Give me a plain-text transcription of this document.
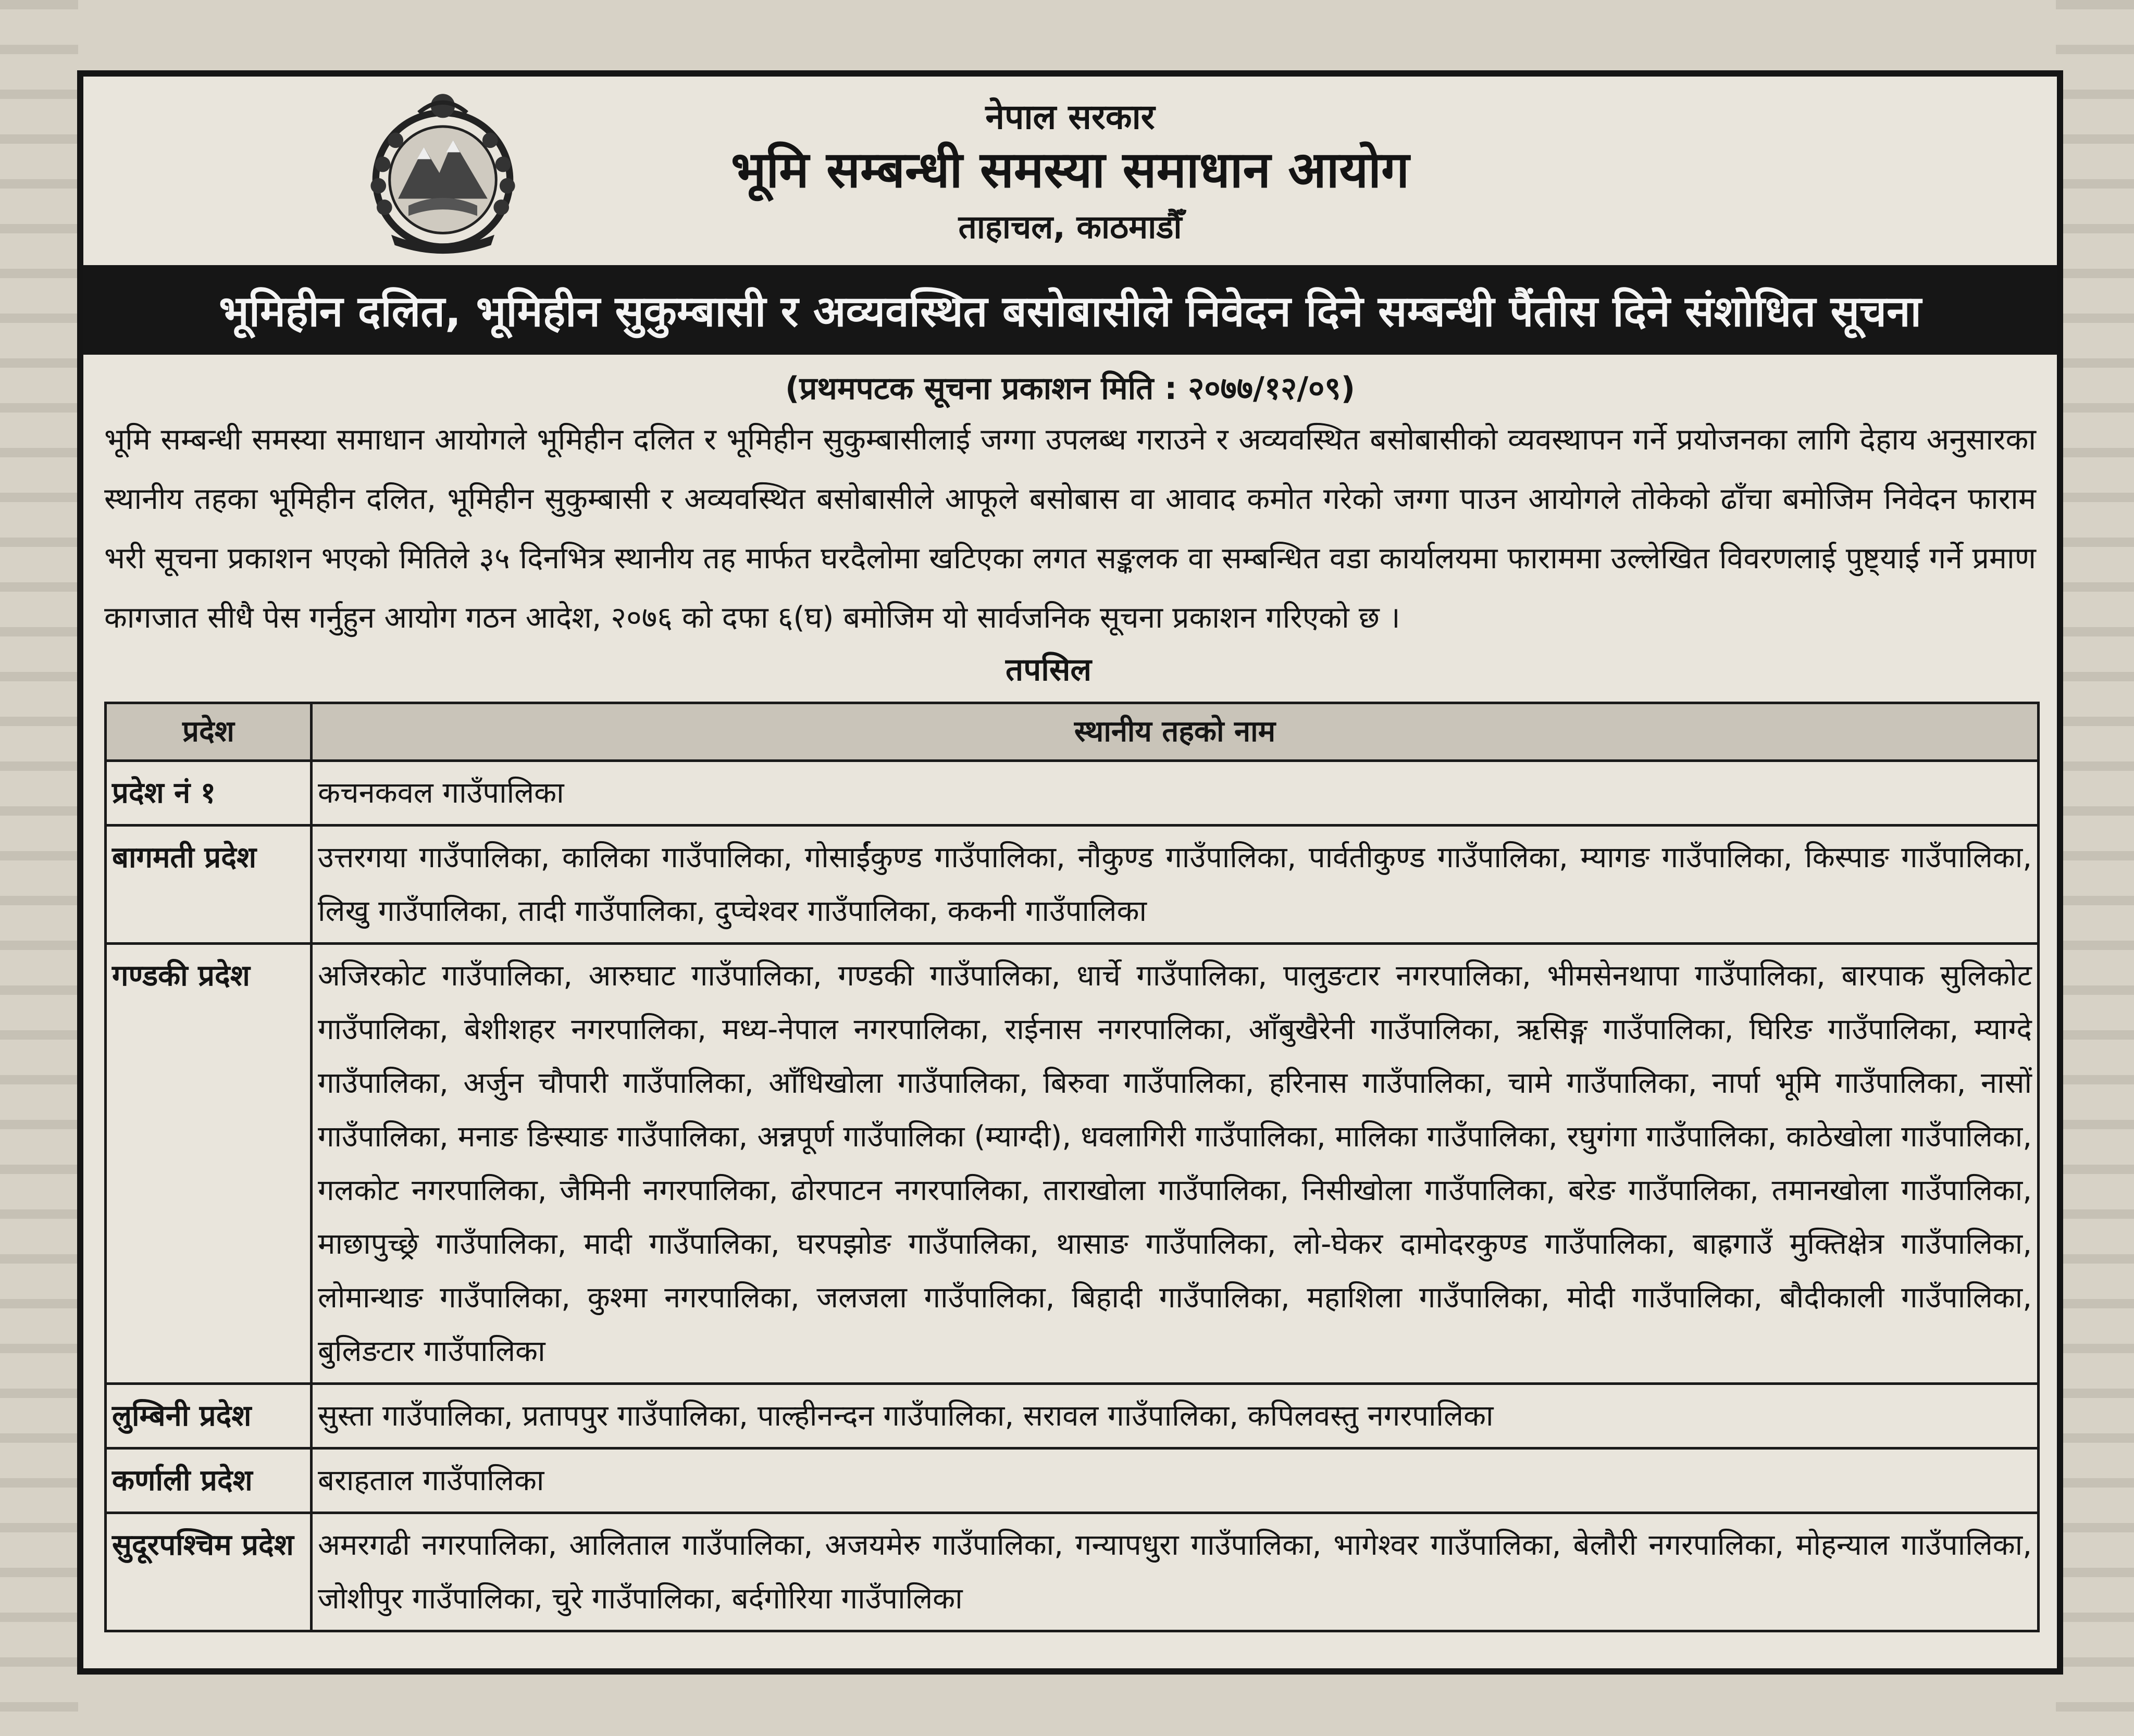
नेपाल सरकार
भूमि सम्बन्धी समस्या समाधान आयोग
ताहाचल, काठमाडौँ
भूमिहीन दलित, भूमिहीन सुकुम्बासी र अव्यवस्थित बसोबासीले निवेदन दिने सम्बन्धी पैंतीस दिने संशोधित सूचना
(प्रथमपटक सूचना प्रकाशन मिति : २०७७/१२/०९)
भूमि सम्बन्धी समस्या समाधान आयोगले भूमिहीन दलित र भूमिहीन सुकुम्बासीलाई जग्गा उपलब्ध गराउने र अव्यवस्थित बसोबासीको व्यवस्थापन गर्ने प्रयोजनका लागि देहाय अनुसारका स्थानीय तहका भूमिहीन दलित, भूमिहीन सुकुम्बासी र अव्यवस्थित बसोबासीले आफूले बसोबास वा आवाद कमोत गरेको जग्गा पाउन आयोगले तोकेको ढाँचा बमोजिम निवेदन फाराम भरी सूचना प्रकाशन भएको मितिले ३५ दिनभित्र स्थानीय तह मार्फत घरदैलोमा खटिएका लगत सङ्कलक वा सम्बन्धित वडा कार्यालयमा फाराममा उल्लेखित विवरणलाई पुष्ट्याई गर्ने प्रमाण कागजात सीधै पेस गर्नुहुन आयोग गठन आदेश, २०७६ को दफा ६(घ) बमोजिम यो सार्वजनिक सूचना प्रकाशन गरिएको छ ।
तपसिल
प्रदेश	स्थानीय तहको नाम
प्रदेश नं १	कचनकवल गाउँपालिका
बागमती प्रदेश	उत्तरगया गाउँपालिका, कालिका गाउँपालिका, गोसाईंकुण्ड गाउँपालिका, नौकुण्ड गाउँपालिका, पार्वतीकुण्ड गाउँपालिका, म्यागङ गाउँपालिका, किस्पाङ गाउँपालिका, लिखु गाउँपालिका, तादी गाउँपालिका, दुप्चेश्वर गाउँपालिका, ककनी गाउँपालिका
गण्डकी प्रदेश	अजिरकोट गाउँपालिका, आरुघाट गाउँपालिका, गण्डकी गाउँपालिका, धार्चे गाउँपालिका, पालुङटार नगरपालिका, भीमसेनथापा गाउँपालिका, बारपाक सुलिकोट गाउँपालिका, बेशीशहर नगरपालिका, मध्य-नेपाल नगरपालिका, राईनास नगरपालिका, आँबुखैरेनी गाउँपालिका, ऋसिङ्ग गाउँपालिका, घिरिङ गाउँपालिका, म्याग्दे गाउँपालिका, अर्जुन चौपारी गाउँपालिका, आँधिखोला गाउँपालिका, बिरुवा गाउँपालिका, हरिनास गाउँपालिका, चामे गाउँपालिका, नार्पा भूमि गाउँपालिका, नासों गाउँपालिका, मनाङ ङिस्याङ गाउँपालिका, अन्नपूर्ण गाउँपालिका (म्याग्दी), धवलागिरी गाउँपालिका, मालिका गाउँपालिका, रघुगंगा गाउँपालिका, काठेखोला गाउँपालिका, गलकोट नगरपालिका, जैमिनी नगरपालिका, ढोरपाटन नगरपालिका, ताराखोला गाउँपालिका, निसीखोला गाउँपालिका, बरेङ गाउँपालिका, तमानखोला गाउँपालिका, माछापुच्छ्रे गाउँपालिका, मादी गाउँपालिका, घरपझोङ गाउँपालिका, थासाङ गाउँपालिका, लो-घेकर दामोदरकुण्ड गाउँपालिका, बाह्रगाउँ मुक्तिक्षेत्र गाउँपालिका, लोमान्थाङ गाउँपालिका, कुश्मा नगरपालिका, जलजला गाउँपालिका, बिहादी गाउँपालिका, महाशिला गाउँपालिका, मोदी गाउँपालिका, बौदीकाली गाउँपालिका, बुलिङटार गाउँपालिका
लुम्बिनी प्रदेश	सुस्ता गाउँपालिका, प्रतापपुर गाउँपालिका, पाल्हीनन्दन गाउँपालिका, सरावल गाउँपालिका, कपिलवस्तु नगरपालिका
कर्णाली प्रदेश	बराहताल गाउँपालिका
सुदूरपश्चिम प्रदेश	अमरगढी नगरपालिका, आलिताल गाउँपालिका, अजयमेरु गाउँपालिका, गन्यापधुरा गाउँपालिका, भागेश्वर गाउँपालिका, बेलौरी नगरपालिका, मोहन्याल गाउँपालिका, जोशीपुर गाउँपालिका, चुरे गाउँपालिका, बर्दगोरिया गाउँपालिका
